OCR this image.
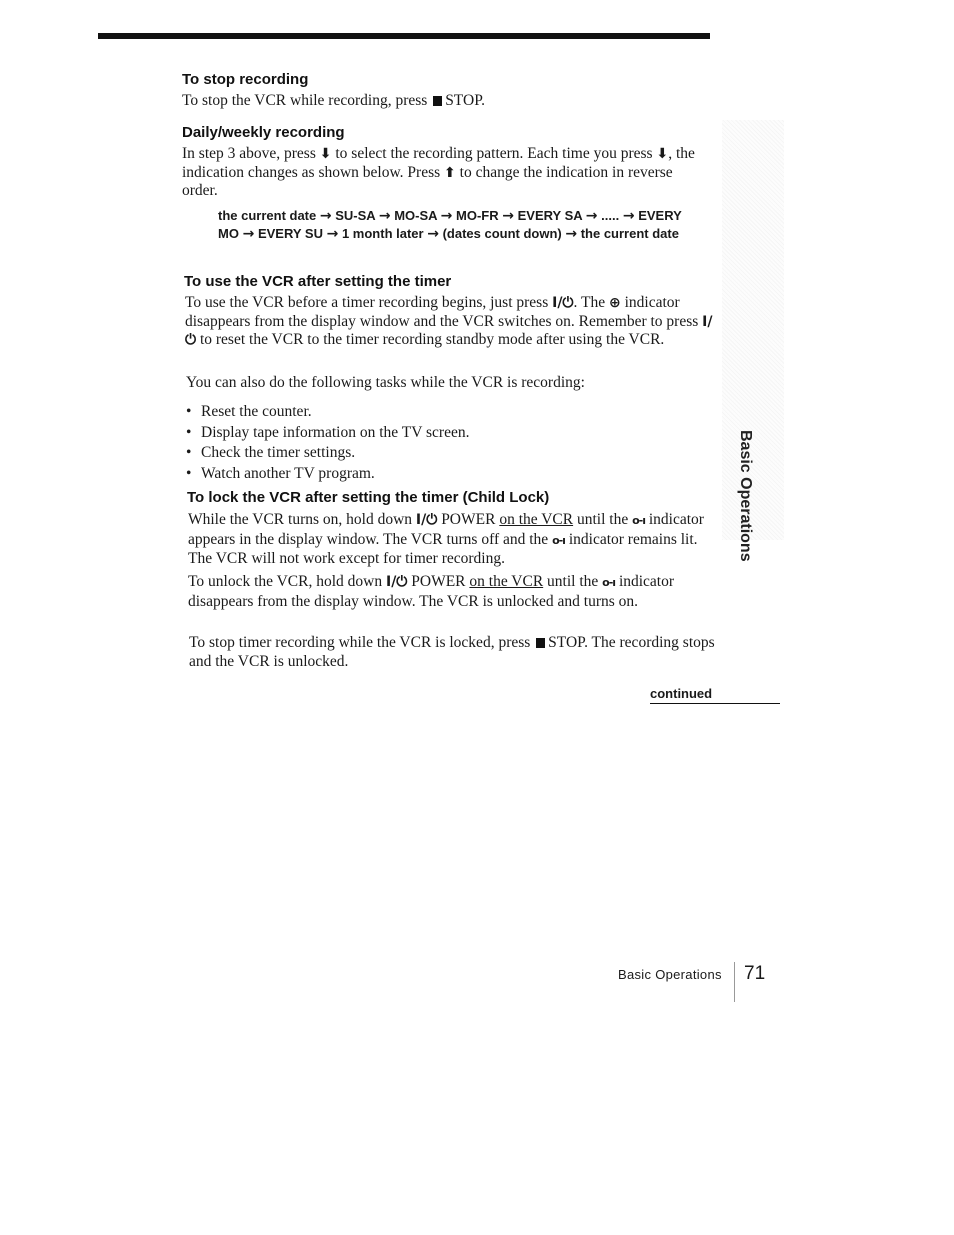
To stop recording

To stop the VCR while recording, press STOP.

Daily/weekly recording

In step 3 above, press ⬇ to select the recording pattern. Each time you press ⬇, the indication changes as shown below. Press ⬆ to change the indication in reverse order.

the current date → SU-SA → MO-SA → MO-FR → EVERY SA → ..... → EVERY MO → EVERY SU → 1 month later → (dates count down) → the current date
To use the VCR after setting the timer

To use the VCR before a timer recording begins, just press I/⏻. The ⊕ indicator disappears from the display window and the VCR switches on. Remember to press I/⏻ to reset the VCR to the timer recording standby mode after using the VCR.

You can also do the following tasks while the VCR is recording:

• Reset the counter.
• Display tape information on the TV screen.
• Check the timer settings.
• Watch another TV program.
To lock the VCR after setting the timer (Child Lock)

While the VCR turns on, hold down I/⏻ POWER on the VCR until the o-ı indicator appears in the display window. The VCR turns off and the o-ı indicator remains lit. The VCR will not work except for timer recording.

To unlock the VCR, hold down I/⏻ POWER on the VCR until the o-ı indicator disappears from the display window. The VCR is unlocked and turns on.

To stop timer recording while the VCR is locked, press STOP. The recording stops and the VCR is unlocked.

Basic Operations
continued
Basic Operations 71
